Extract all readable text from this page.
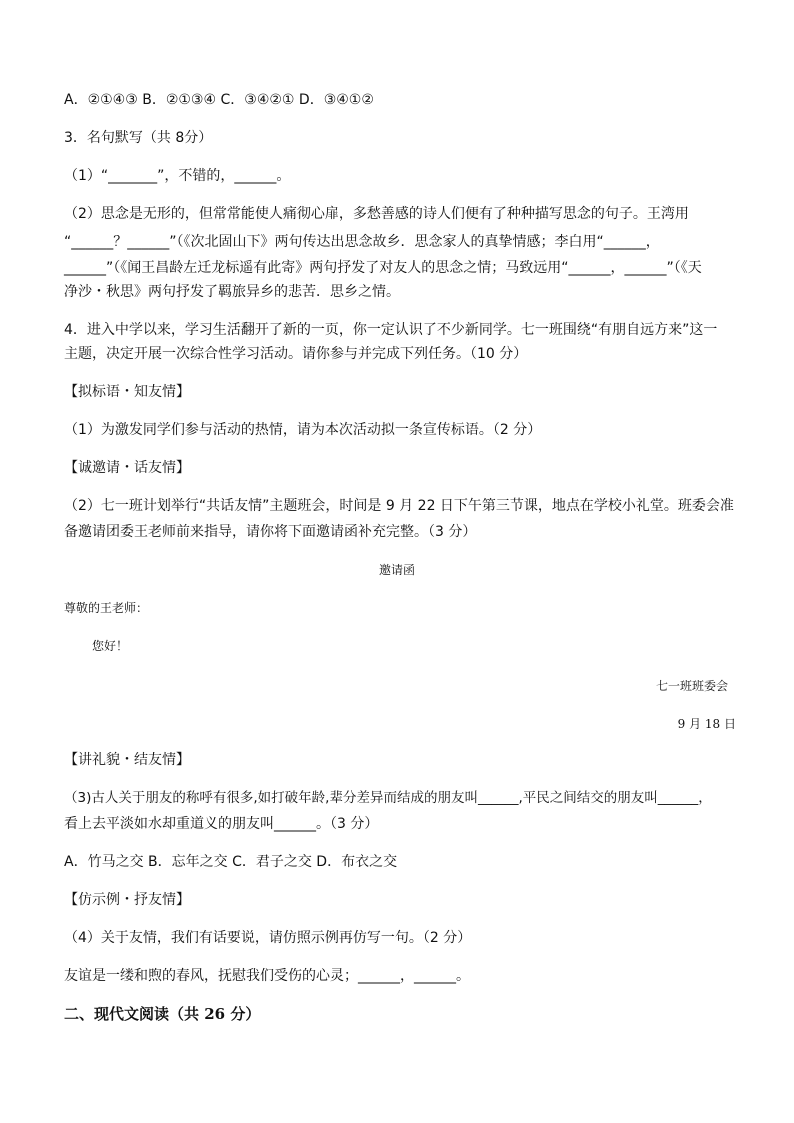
A．②①④③ B．②①③④ C．③④②① D．③④①②
3．名句默写（共 8分）
（1）“_______”，不错的，______。
（2）思念是无形的，但常常能使人痛彻心扉，多愁善感的诗人们便有了种种描写思念的句子。王湾用
“______？______”（《次北固山下》两句传达出思念故乡．思念家人的真挚情感；李白用“______，
______”（《闻王昌龄左迁龙标遥有此寄》两句抒发了对友人的思念之情；马致远用“______，______”（《天
净沙・秋思》两句抒发了羁旅异乡的悲苦．思乡之情。
4．进入中学以来，学习生活翻开了新的一页，你一定认识了不少新同学。七一班围绕“有朋自远方来”这一
主题，决定开展一次综合性学习活动。请你参与并完成下列任务。（10 分）
【拟标语・知友情】
（1）为激发同学们参与活动的热情，请为本次活动拟一条宣传标语。（2 分）
【诚邀请・话友情】
（2）七一班计划举行“共话友情”主题班会，时间是 9 月 22 日下午第三节课，地点在学校小礼堂。班委会准
备邀请团委王老师前来指导，请你将下面邀请函补充完整。（3 分）
邀请函
尊敬的王老师：
您好！
七一班班委会
9 月 18 日
【讲礼貌・结友情】
（3)古人关于朋友的称呼有很多,如打破年龄,辈分差异而结成的朋友叫______,平民之间结交的朋友叫______，
看上去平淡如水却重道义的朋友叫______。（3 分）
A．竹马之交 B．忘年之交 C．君子之交 D．布衣之交
【仿示例・抒友情】
（4）关于友情，我们有话要说，请仿照示例再仿写一句。（2 分）
友谊是一缕和煦的春风，抚慰我们受伤的心灵；______，______。
二、现代文阅读（共 26 分）
